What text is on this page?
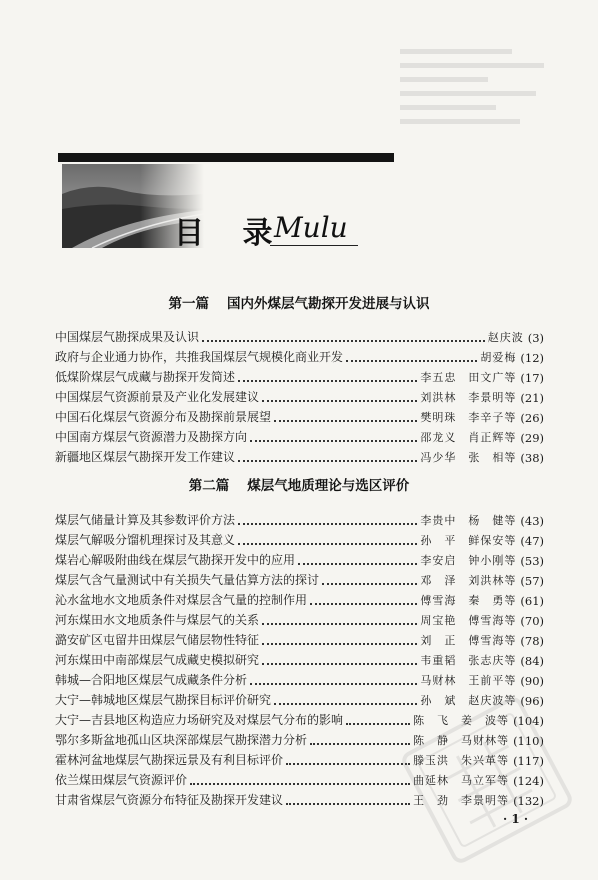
目 录
Mulu
第一篇 国内外煤层气勘探开发进展与认识
中国煤层气勘探成果及认识	赵庆波 (3)
政府与企业通力协作，共推我国煤层气规模化商业开发	胡爱梅 (12)
低煤阶煤层气成藏与勘探开发简述	李五忠　田文广等 (17)
中国煤层气资源前景及产业化发展建议	刘洪林　李景明等 (21)
中国石化煤层气资源分布及勘探前景展望	樊明珠　李辛子等 (26)
中国南方煤层气资源潜力及勘探方向	邵龙义　肖正辉等 (29)
新疆地区煤层气勘探开发工作建议	冯少华　张　相等 (38)
第二篇 煤层气地质理论与选区评价
煤层气储量计算及其参数评价方法	李贵中　杨　健等 (43)
煤层气解吸分馏机理探讨及其意义	孙　平　鲜保安等 (47)
煤岩心解吸附曲线在煤层气勘探开发中的应用	李安启　钟小刚等 (53)
煤层气含气量测试中有关损失气量估算方法的探讨	邓　泽　刘洪林等 (57)
沁水盆地水文地质条件对煤层含气量的控制作用	傅雪海　秦　勇等 (61)
河东煤田水文地质条件与煤层气的关系	周宝艳　傅雪海等 (70)
潞安矿区屯留井田煤层气储层物性特征	刘　正　傅雪海等 (78)
河东煤田中南部煤层气成藏史模拟研究	韦重韬　张志庆等 (84)
韩城—合阳地区煤层气成藏条件分析	马财林　王前平等 (90)
大宁—韩城地区煤层气勘探目标评价研究	孙　斌　赵庆波等 (96)
大宁—吉县地区构造应力场研究及对煤层气分布的影响	陈　飞　姜　波等 (104)
鄂尔多斯盆地孤山区块深部煤层气勘探潜力分析	陈　静　马财林等 (110)
霍林河盆地煤层气勘探远景及有利目标评价	滕玉洪　朱兴革等 (117)
依兰煤田煤层气资源评价	曲延林　马立军等 (124)
甘肃省煤层气资源分布特征及勘探开发建议	王　劲　李景明等 (132)
· 1 ·
